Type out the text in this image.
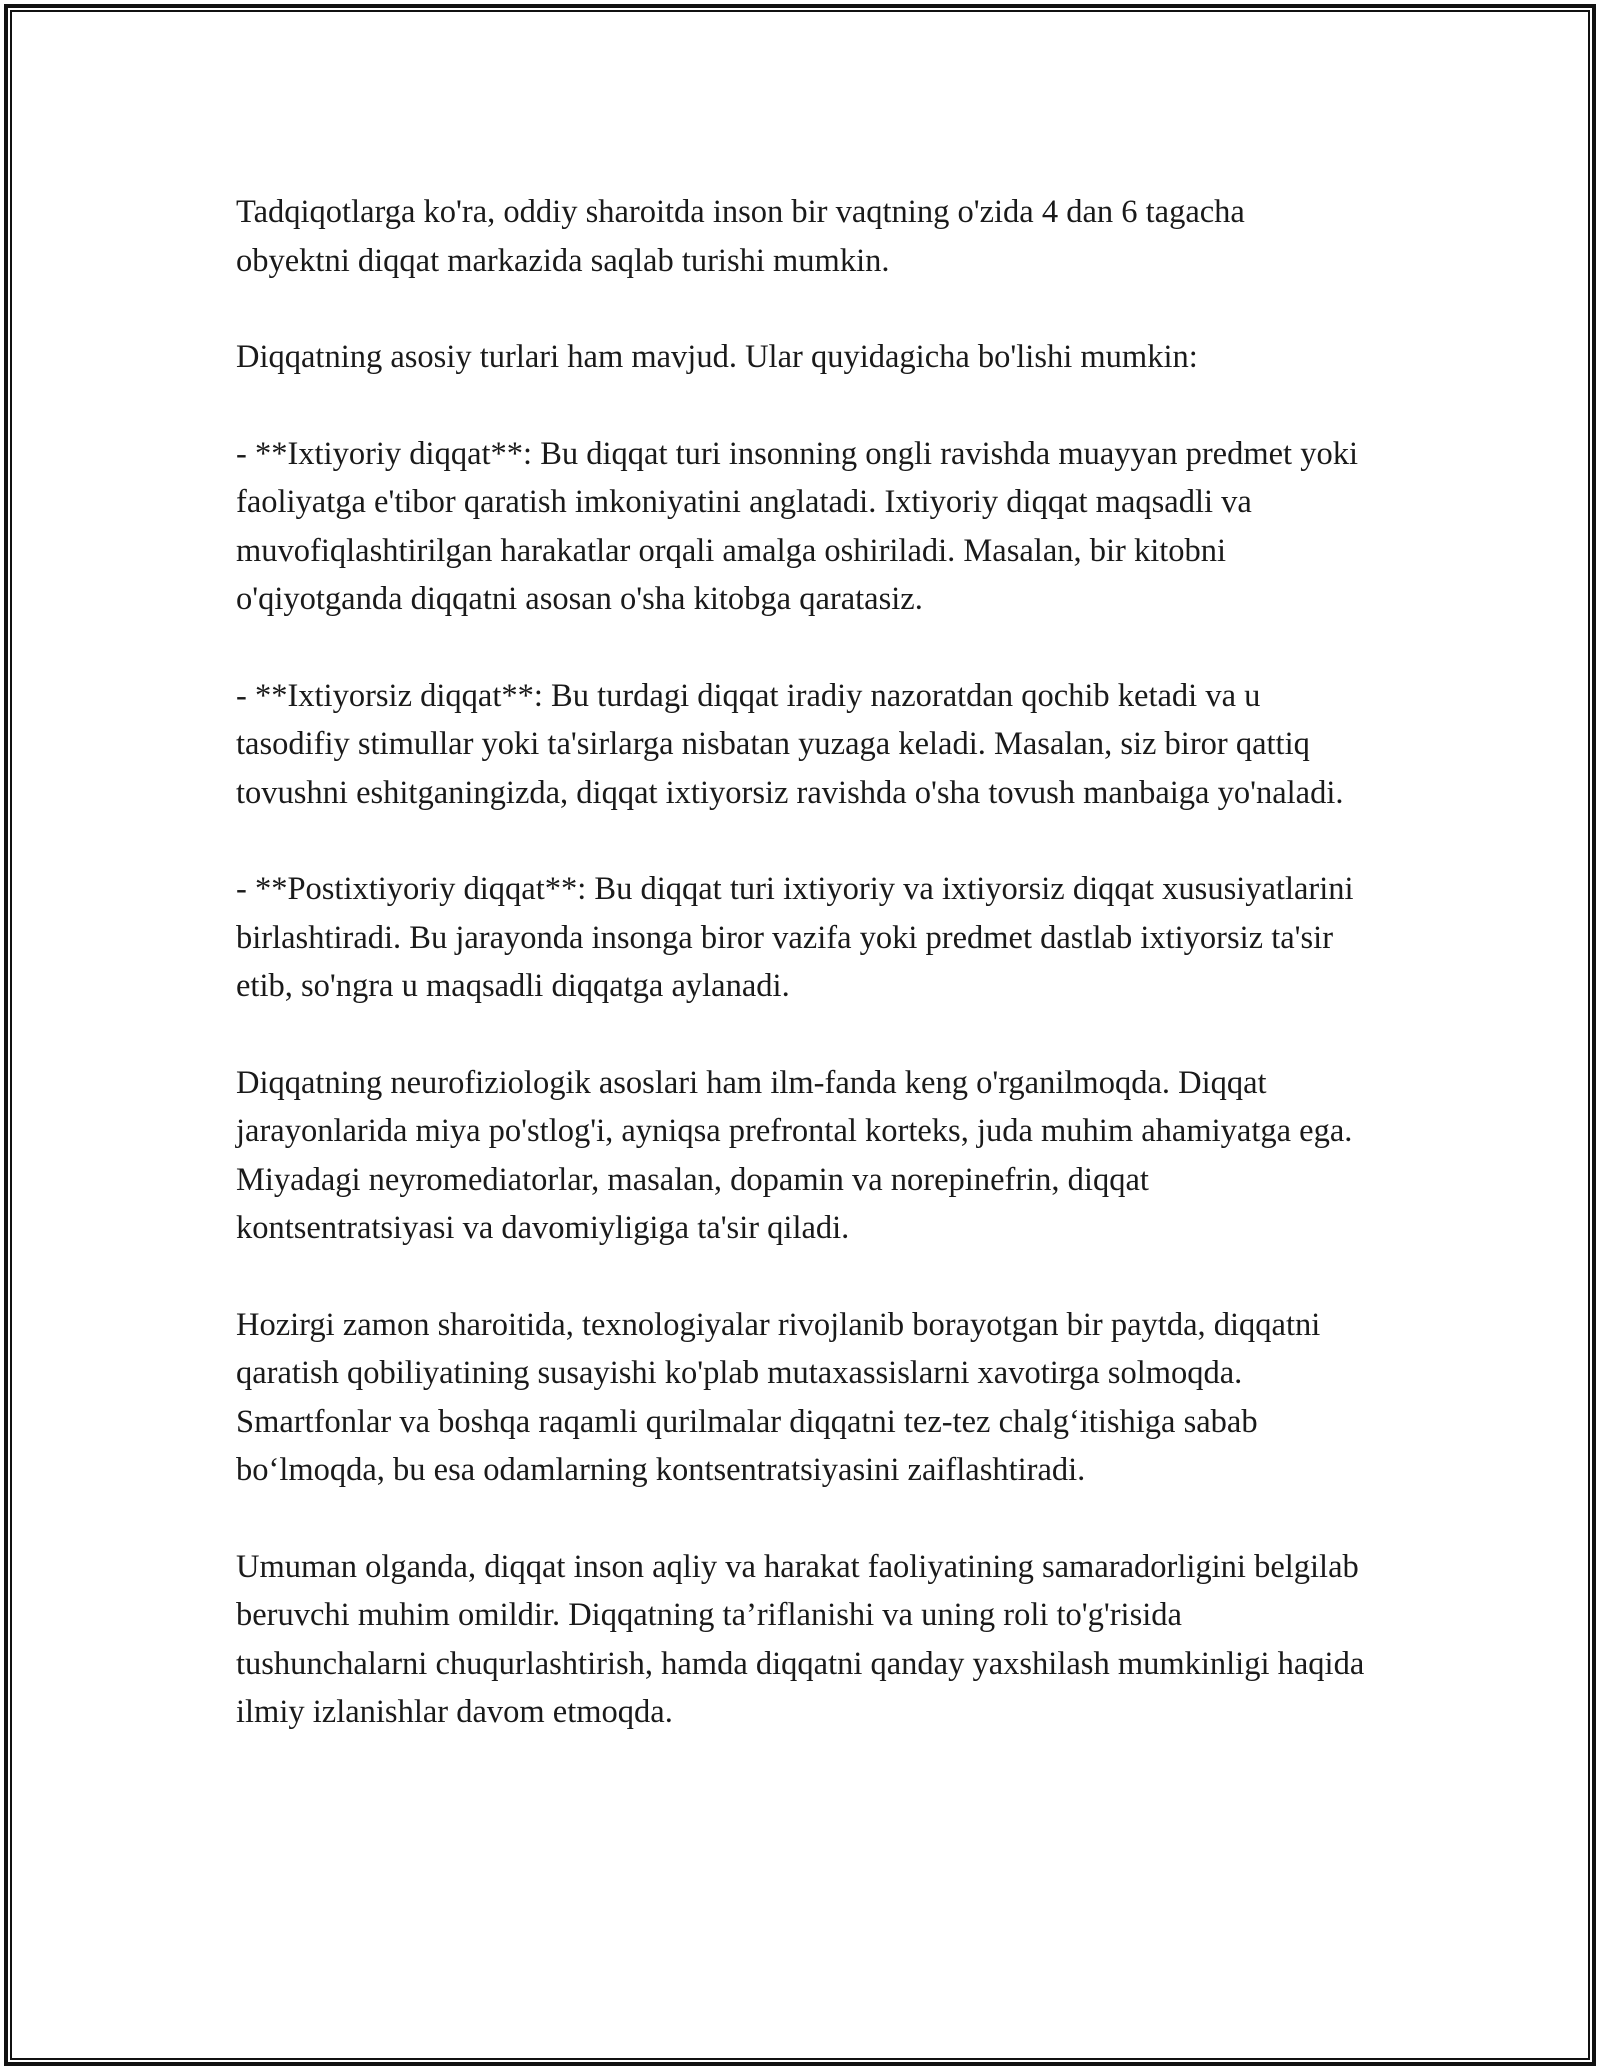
Tadqiqotlarga ko'ra, oddiy sharoitda inson bir vaqtning o'zida 4 dan 6 tagacha obyektni diqqat markazida saqlab turishi mumkin.

Diqqatning asosiy turlari ham mavjud. Ular quyidagicha bo'lishi mumkin:

- **Ixtiyoriy diqqat**: Bu diqqat turi insonning ongli ravishda muayyan predmet yoki faoliyatga e'tibor qaratish imkoniyatini anglatadi. Ixtiyoriy diqqat maqsadli va muvofiqlashtirilgan harakatlar orqali amalga oshiriladi. Masalan, bir kitobni o'qiyotganda diqqatni asosan o'sha kitobga qaratasiz.

- **Ixtiyorsiz diqqat**: Bu turdagi diqqat iradiy nazoratdan qochib ketadi va u tasodifiy stimullar yoki ta'sirlarga nisbatan yuzaga keladi. Masalan, siz biror qattiq tovushni eshitganingizda, diqqat ixtiyorsiz ravishda o'sha tovush manbaiga yo'naladi.

- **Postixtiyoriy diqqat**: Bu diqqat turi ixtiyoriy va ixtiyorsiz diqqat xususiyatlarini birlashtiradi. Bu jarayonda insonga biror vazifa yoki predmet dastlab ixtiyorsiz ta'sir etib, so'ngra u maqsadli diqqatga aylanadi.

Diqqatning neurofiziologik asoslari ham ilm-fanda keng o'rganilmoqda. Diqqat jarayonlarida miya po'stlog'i, ayniqsa prefrontal korteks, juda muhim ahamiyatga ega. Miyadagi neyromediatorlar, masalan, dopamin va norepinefrin, diqqat kontsentratsiyasi va davomiyligiga ta'sir qiladi.

Hozirgi zamon sharoitida, texnologiyalar rivojlanib borayotgan bir paytda, diqqatni qaratish qobiliyatining susayishi ko'plab mutaxassislarni xavotirga solmoqda. Smartfonlar va boshqa raqamli qurilmalar diqqatni tez-tez chalg‘itishiga sabab bo‘lmoqda, bu esa odamlarning kontsentratsiyasini zaiflashtiradi.

Umuman olganda, diqqat inson aqliy va harakat faoliyatining samaradorligini belgilab beruvchi muhim omildir. Diqqatning ta’riflanishi va uning roli to'g'risida tushunchalarni chuqurlashtirish, hamda diqqatni qanday yaxshilash mumkinligi haqida ilmiy izlanishlar davom etmoqda.
